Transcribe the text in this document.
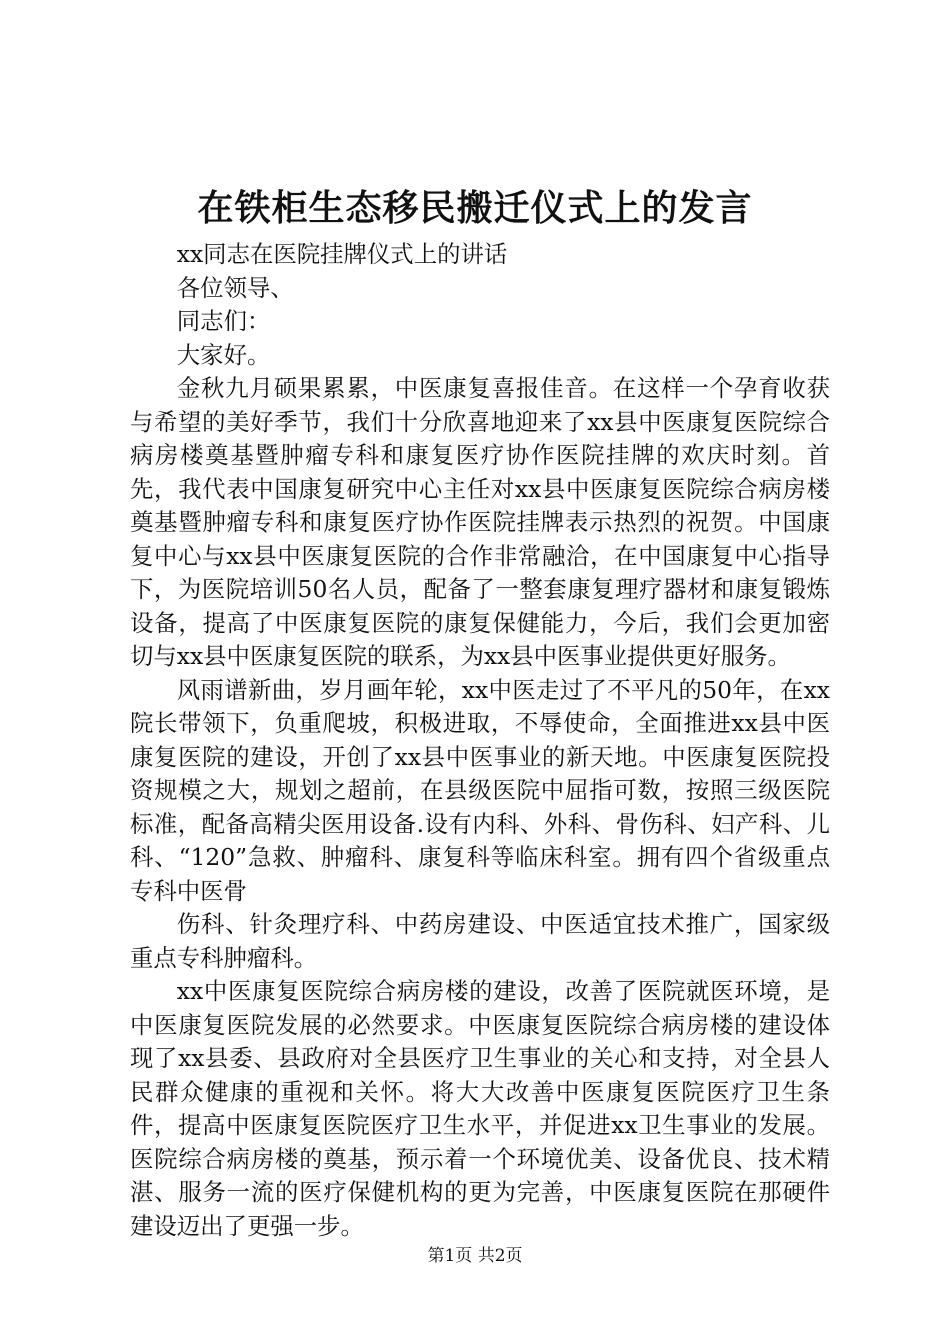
在铁柜生态移民搬迁仪式上的发言

xx同志在医院挂牌仪式上的讲话

各位领导、

同志们：

大家好。

金秋九月硕果累累，中医康复喜报佳音。在这样一个孕育收获与希望的美好季节，我们十分欣喜地迎来了xx县中医康复医院综合病房楼奠基暨肿瘤专科和康复医疗协作医院挂牌的欢庆时刻。首先，我代表中国康复研究中心主任对xx县中医康复医院综合病房楼奠基暨肿瘤专科和康复医疗协作医院挂牌表示热烈的祝贺。中国康复中心与xx县中医康复医院的合作非常融洽，在中国康复中心指导下，为医院培训50名人员，配备了一整套康复理疗器材和康复锻炼设备，提高了中医康复医院的康复保健能力，今后，我们会更加密切与xx县中医康复医院的联系，为xx县中医事业提供更好服务。

风雨谱新曲，岁月画年轮，xx中医走过了不平凡的50年，在xx院长带领下，负重爬坡，积极进取，不辱使命，全面推进xx县中医康复医院的建设，开创了xx县中医事业的新天地。中医康复医院投资规模之大，规划之超前，在县级医院中屈指可数，按照三级医院标准，配备高精尖医用设备.设有内科、外科、骨伤科、妇产科、儿科、“120”急救、肿瘤科、康复科等临床科室。拥有四个省级重点专科中医骨

伤科、针灸理疗科、中药房建设、中医适宜技术推广，国家级重点专科肿瘤科。

xx中医康复医院综合病房楼的建设，改善了医院就医环境，是中医康复医院发展的必然要求。中医康复医院综合病房楼的建设体现了xx县委、县政府对全县医疗卫生事业的关心和支持，对全县人民群众健康的重视和关怀。将大大改善中医康复医院医疗卫生条件，提高中医康复医院医疗卫生水平，并促进xx卫生事业的发展。医院综合病房楼的奠基，预示着一个环境优美、设备优良、技术精湛、服务一流的医疗保健机构的更为完善，中医康复医院在那硬件建设迈出了更强一步。

第1页 共2页
